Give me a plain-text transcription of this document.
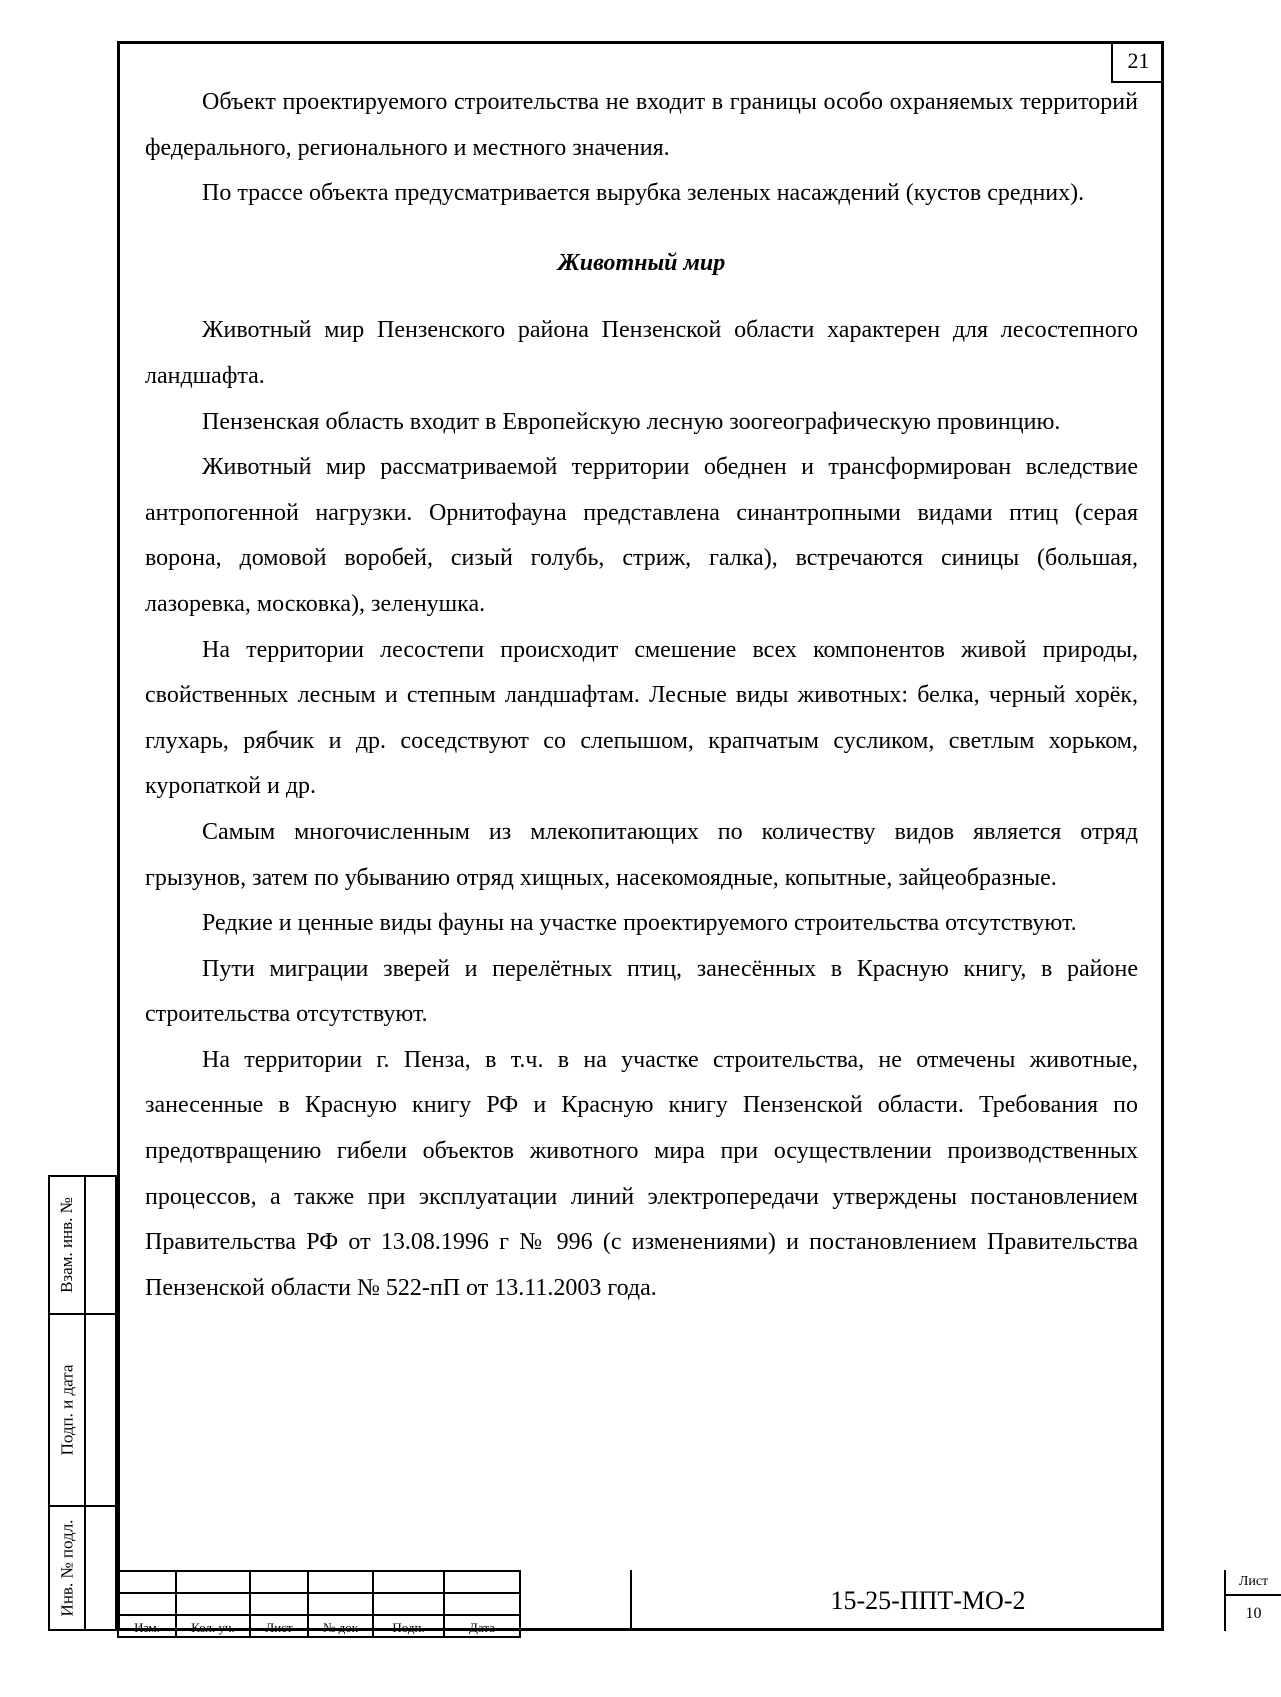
21

Объект проектируемого строительства не входит в границы особо охраняемых территорий федерального, регионального и местного значения.

По трассе объекта предусматривается вырубка зеленых насаждений (кустов средних).

Животный мир

Животный мир Пензенского района Пензенской области характерен для лесостепного ландшафта.

Пензенская область входит в Европейскую лесную зоогеографическую провинцию.

Животный мир рассматриваемой территории обеднен и трансформирован вследствие антропогенной нагрузки. Орнитофауна представлена синантропными видами птиц (серая ворона, домовой воробей, сизый голубь, стриж, галка), встречаются синицы (большая, лазоревка, московка), зеленушка.

На территории лесостепи происходит смешение всех компонентов живой природы, свойственных лесным и степным ландшафтам. Лесные виды животных: белка, черный хорёк, глухарь, рябчик и др. соседствуют со слепышом, крапчатым сусликом, светлым хорьком, куропаткой и др.

Самым многочисленным из млекопитающих по количеству видов является отряд грызунов, затем по убыванию отряд хищных, насекомоядные, копытные, зайцеобразные.

Редкие и ценные виды фауны на участке проектируемого строительства отсутствуют.

Пути миграции зверей и перелётных птиц, занесённых в Красную книгу, в районе строительства отсутствуют.

На территории г. Пенза, в т.ч. в на участке строительства, не отмечены животные, занесенные в Красную книгу РФ и Красную книгу Пензенской области. Требования по предотвращению гибели объектов животного мира при осуществлении производственных процессов, а также при эксплуатации линий электропередачи утверждены постановлением Правительства РФ от 13.08.1996 г № 996 (с изменениями) и постановлением Правительства Пензенской области № 522-пП от 13.11.2003 года.

Взам. инв. №
Подп. и дата
Инв. № подл.

Изм.	Кол. уч.	Лист	№ док	Подп.	Дата
15-25-ППТ-МО-2
Лист
10
